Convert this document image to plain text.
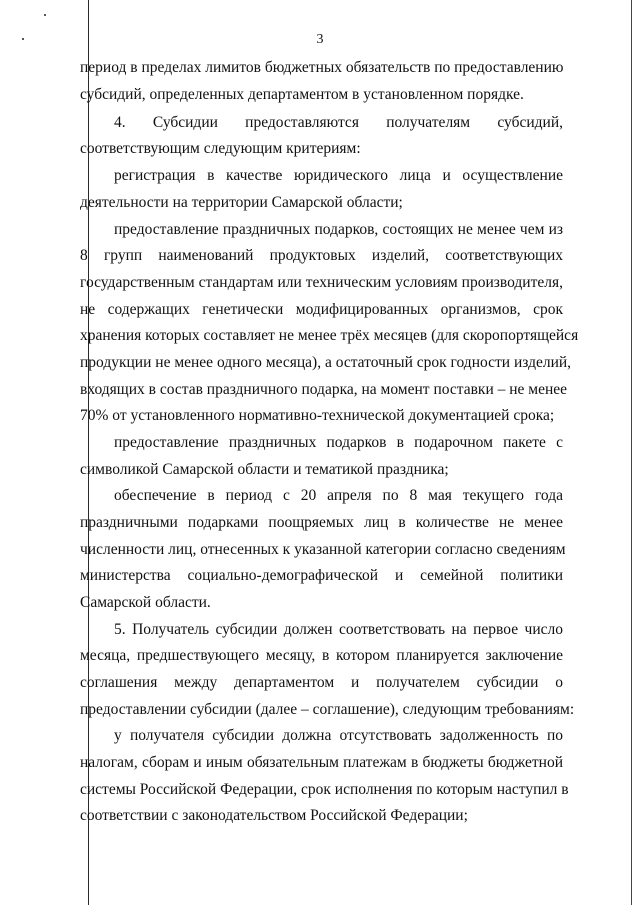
3
период в пределах лимитов бюджетных обязательств по предоставлению
субсидий, определенных департаментом в установленном порядке.
4. Субсидии предоставляются получателям субсидий,
соответствующим следующим критериям:
регистрация в качестве юридического лица и осуществление
деятельности на территории Самарской области;
предоставление праздничных подарков, состоящих не менее чем из
8 групп наименований продуктовых изделий, соответствующих
государственным стандартам или техническим условиям производителя,
не содержащих генетически модифицированных организмов, срок
хранения которых составляет не менее трёх месяцев (для скоропортящейся
продукции не менее одного месяца), а остаточный срок годности изделий,
входящих в состав праздничного подарка, на момент поставки – не менее
70% от установленного нормативно-технической документацией срока;
предоставление праздничных подарков в подарочном пакете с
символикой Самарской области и тематикой праздника;
обеспечение в период с 20 апреля по 8 мая текущего года
праздничными подарками поощряемых лиц в количестве не менее
численности лиц, отнесенных к указанной категории согласно сведениям
министерства социально-демографической и семейной политики
Самарской области.
5. Получатель субсидии должен соответствовать на первое число
месяца, предшествующего месяцу, в котором планируется заключение
соглашения между департаментом и получателем субсидии о
предоставлении субсидии (далее – соглашение), следующим требованиям:
у получателя субсидии должна отсутствовать задолженность по
налогам, сборам и иным обязательным платежам в бюджеты бюджетной
системы Российской Федерации, срок исполнения по которым наступил в
соответствии с законодательством Российской Федерации;
